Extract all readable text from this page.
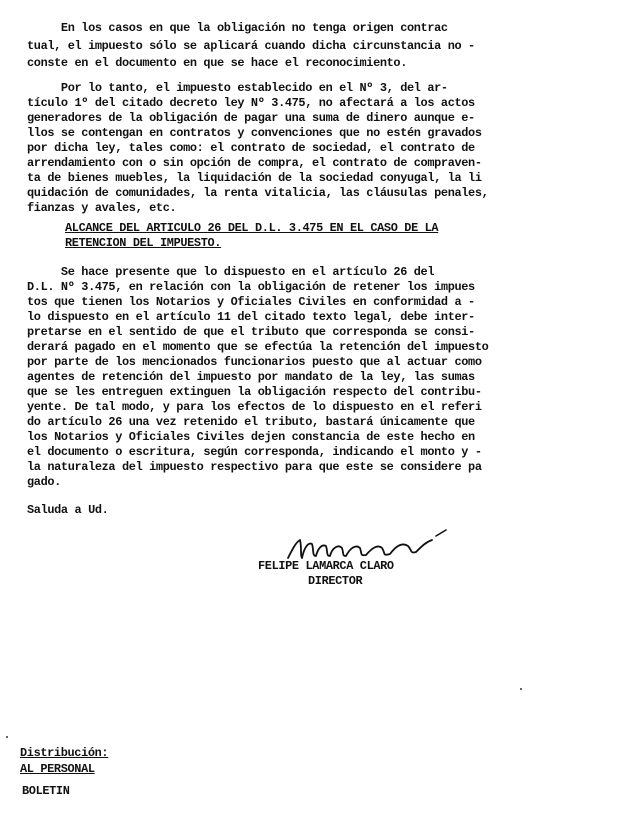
En los casos en que la obligación no tenga origen contrac
tual, el impuesto sólo se aplicará cuando dicha circunstancia no -
conste en el documento en que se hace el reconocimiento.
Por lo tanto, el impuesto establecido en el Nº 3, del ar-
tículo 1º del citado decreto ley Nº 3.475, no afectará a los actos
generadores de la obligación de pagar una suma de dinero aunque e-
llos se contengan en contratos y convenciones que no estén gravados
por dicha ley, tales como: el contrato de sociedad, el contrato de
arrendamiento con o sin opción de compra, el contrato de compraven-
ta de bienes muebles, la liquidación de la sociedad conyugal, la li
quidación de comunidades, la renta vitalicia, las cláusulas penales,
fianzas y avales, etc.
ALCANCE DEL ARTICULO 26 DEL D.L. 3.475 EN EL CASO DE LA
RETENCION DEL IMPUESTO.
Se hace presente que lo dispuesto en el artículo 26 del
D.L. Nº 3.475, en relación con la obligación de retener los impues
tos que tienen los Notarios y Oficiales Civiles en conformidad a -
lo dispuesto en el artículo 11 del citado texto legal, debe inter-
pretarse en el sentido de que el tributo que corresponda se consi-
derará pagado en el momento que se efectúa la retención del impuesto
por parte de los mencionados funcionarios puesto que al actuar como
agentes de retención del impuesto por mandato de la ley, las sumas
que se les entreguen extinguen la obligación respecto del contribu-
yente. De tal modo, y para los efectos de lo dispuesto en el referi
do artículo 26 una vez retenido el tributo, bastará únicamente que
los Notarios y Oficiales Civiles dejen constancia de este hecho en
el documento o escritura, según corresponda, indicando el monto y -
la naturaleza del impuesto respectivo para que este se considere pa
gado.
Saluda a Ud.
FELIPE LAMARCA CLARO
DIRECTOR
Distribución:
AL PERSONAL
BOLETIN
